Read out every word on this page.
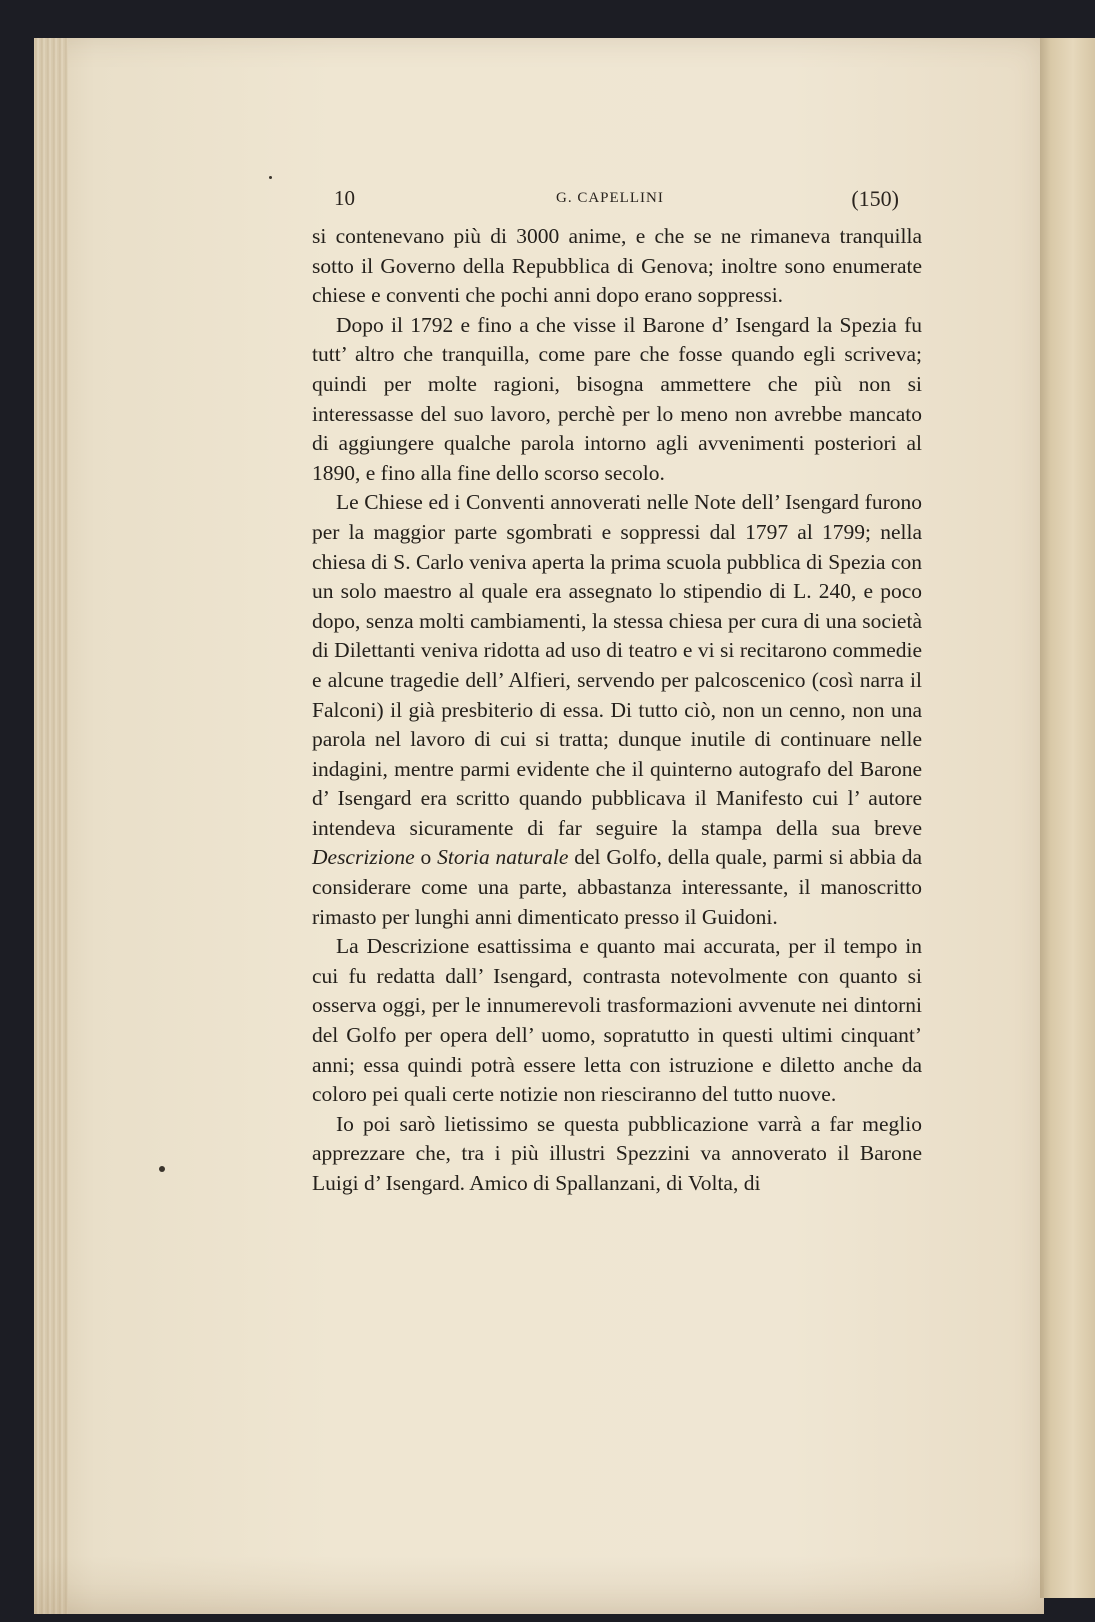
10	G. CAPELLINI	(150)

si contenevano più di 3000 anime, e che se ne rimaneva tranquilla sotto il Governo della Repubblica di Genova; inoltre sono enumerate chiese e conventi che pochi anni dopo erano soppressi.

Dopo il 1792 e fino a che visse il Barone d’ Isengard la Spezia fu tutt’ altro che tranquilla, come pare che fosse quando egli scriveva; quindi per molte ragioni, bisogna ammettere che più non si interessasse del suo lavoro, perchè per lo meno non avrebbe mancato di aggiungere qualche parola intorno agli avvenimenti posteriori al 1890, e fino alla fine dello scorso secolo.

Le Chiese ed i Conventi annoverati nelle Note dell’ Isengard furono per la maggior parte sgombrati e soppressi dal 1797 al 1799; nella chiesa di S. Carlo veniva aperta la prima scuola pubblica di Spezia con un solo maestro al quale era assegnato lo stipendio di L. 240, e poco dopo, senza molti cambiamenti, la stessa chiesa per cura di una società di Dilettanti veniva ridotta ad uso di teatro e vi si recitarono commedie e alcune tragedie dell’ Alfieri, servendo per palcoscenico (così narra il Falconi) il già presbiterio di essa. Di tutto ciò, non un cenno, non una parola nel lavoro di cui si tratta; dunque inutile di continuare nelle indagini, mentre parmi evidente che il quinterno autografo del Barone d’ Isengard era scritto quando pubblicava il Manifesto cui l’ autore intendeva sicuramente di far seguire la stampa della sua breve Descrizione o Storia naturale del Golfo, della quale, parmi si abbia da considerare come una parte, abbastanza interessante, il manoscritto rimasto per lunghi anni dimenticato presso il Guidoni.

La Descrizione esattissima e quanto mai accurata, per il tempo in cui fu redatta dall’ Isengard, contrasta notevolmente con quanto si osserva oggi, per le innumerevoli trasformazioni avvenute nei dintorni del Golfo per opera dell’ uomo, sopratutto in questi ultimi cinquant’ anni; essa quindi potrà essere letta con istruzione e diletto anche da coloro pei quali certe notizie non riesciranno del tutto nuove.

Io poi sarò lietissimo se questa pubblicazione varrà a far meglio apprezzare che, tra i più illustri Spezzini va annoverato il Barone Luigi d’ Isengard. Amico di Spallanzani, di Volta, di
